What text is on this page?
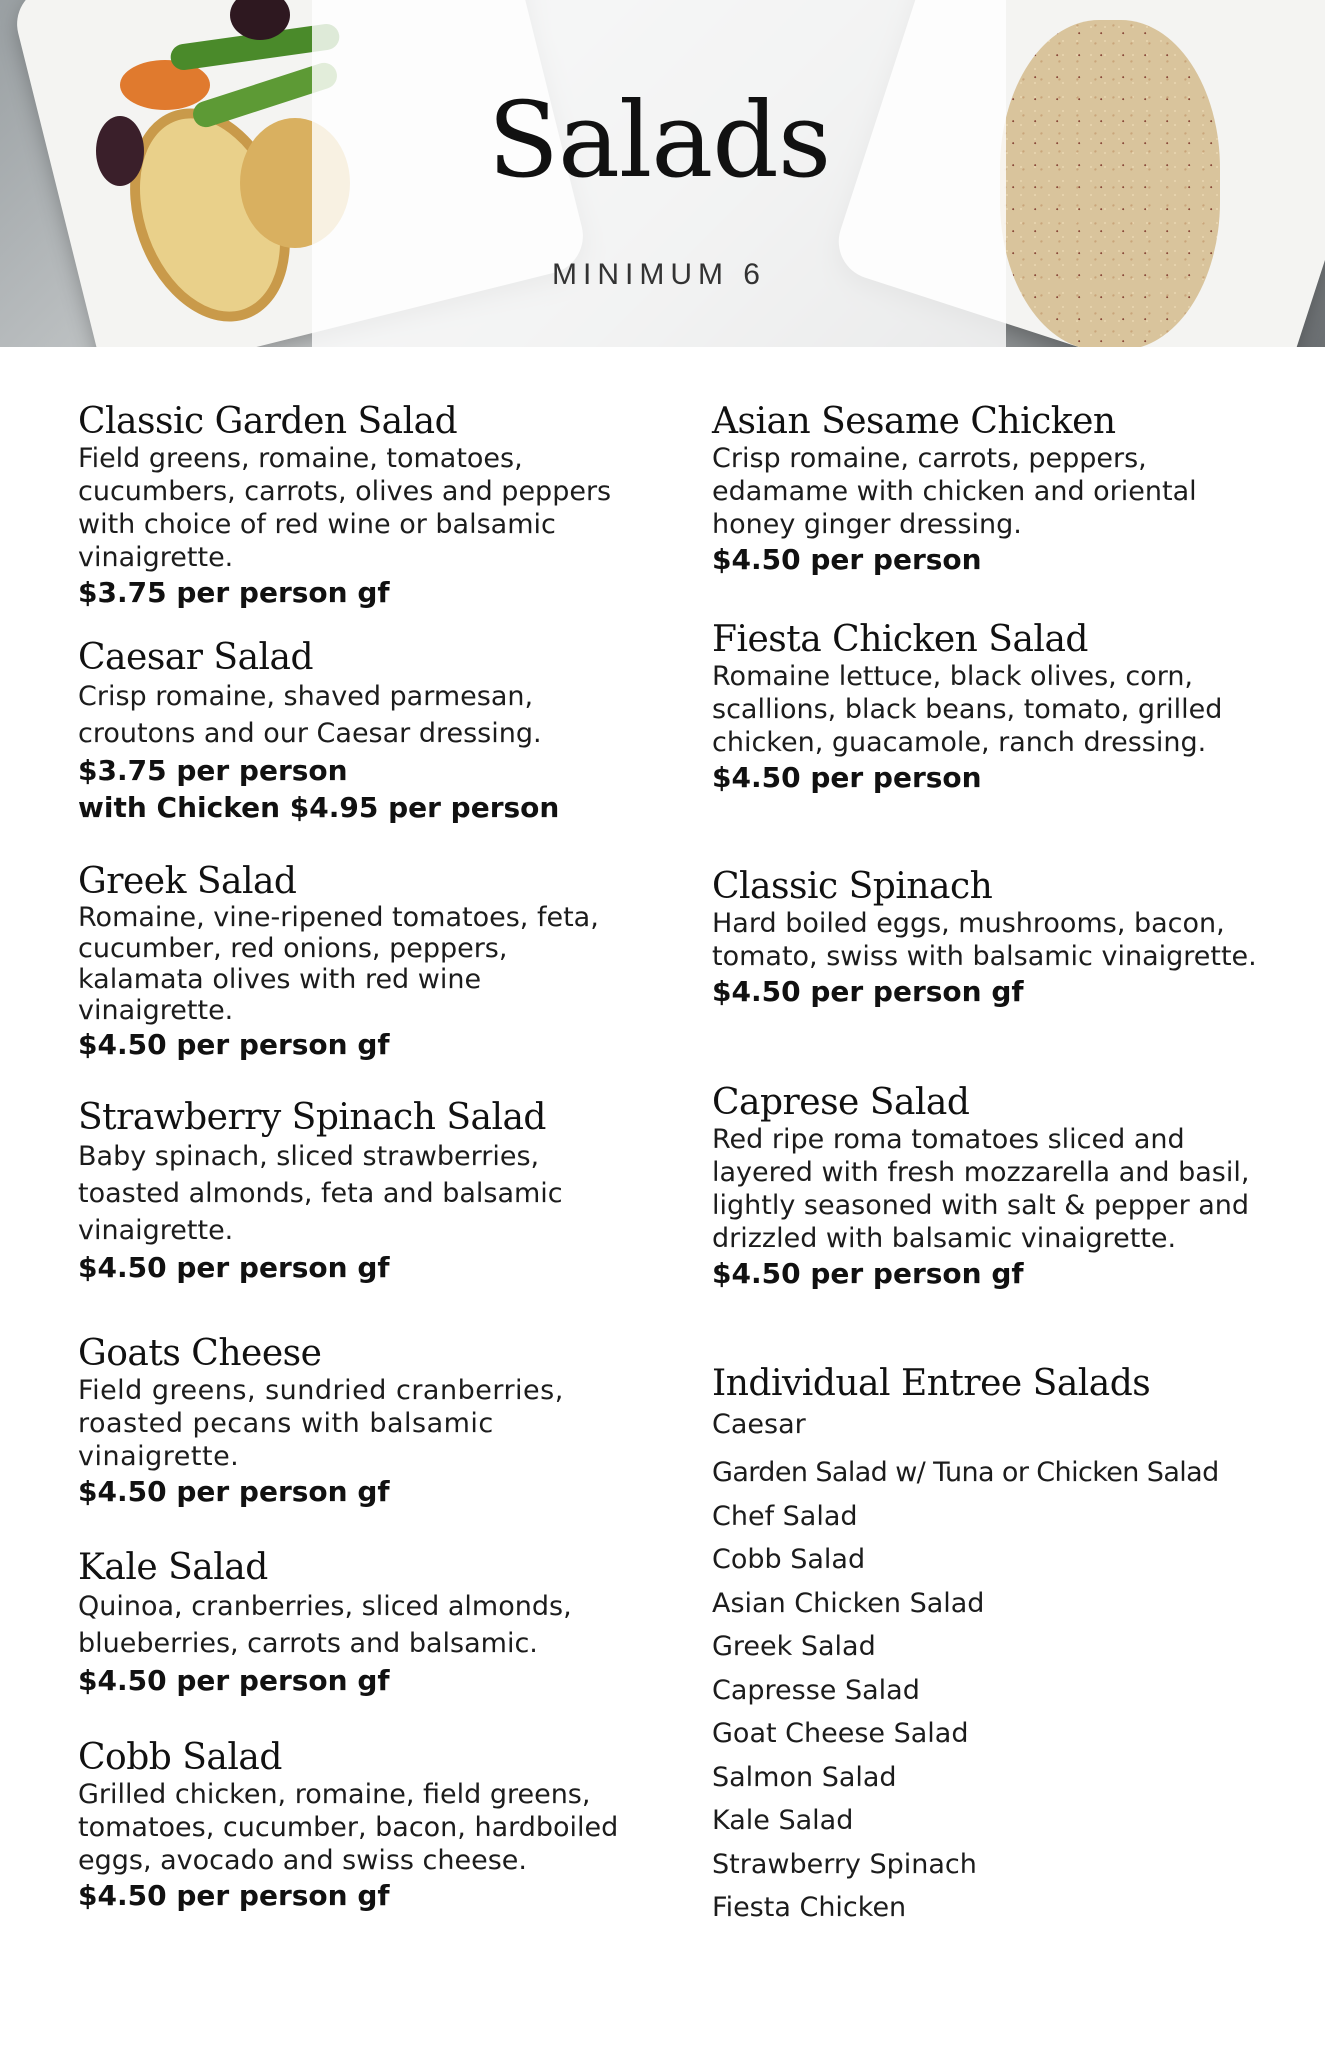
Salads
MINIMUM 6
Classic Garden Salad
Field greens, romaine, tomatoes, cucumbers, carrots, olives and peppers with choice of red wine or balsamic vinaigrette.
$3.75 per person gf
Caesar Salad
Crisp romaine, shaved parmesan, croutons and our Caesar dressing.
$3.75 per person
with Chicken $4.95 per person
Greek Salad
Romaine, vine-ripened tomatoes, feta, cucumber, red onions, peppers, kalamata olives with red wine vinaigrette.
$4.50 per person gf
Strawberry Spinach Salad
Baby spinach, sliced strawberries, toasted almonds, feta and balsamic vinaigrette.
$4.50 per person gf
Goats Cheese
Field greens, sundried cranberries, roasted pecans with balsamic vinaigrette.
$4.50 per person gf
Kale Salad
Quinoa, cranberries, sliced almonds, blueberries, carrots and balsamic.
$4.50 per person gf
Cobb Salad
Grilled chicken, romaine, field greens, tomatoes, cucumber, bacon, hardboiled eggs, avocado and swiss cheese.
$4.50 per person gf
Asian Sesame Chicken
Crisp romaine, carrots, peppers, edamame with chicken and oriental honey ginger dressing.
$4.50 per person
Fiesta Chicken Salad
Romaine lettuce, black olives, corn, scallions, black beans, tomato, grilled chicken, guacamole, ranch dressing.
$4.50 per person
Classic Spinach
Hard boiled eggs, mushrooms, bacon, tomato, swiss with balsamic vinaigrette.
$4.50 per person gf
Caprese Salad
Red ripe roma tomatoes sliced and layered with fresh mozzarella and basil, lightly seasoned with salt & pepper and drizzled with balsamic vinaigrette.
$4.50 per person gf
Individual Entree Salads
Caesar
Garden Salad w/ Tuna or Chicken Salad
Chef Salad
Cobb Salad
Asian Chicken Salad
Greek Salad
Capresse Salad
Goat Cheese Salad
Salmon Salad
Kale Salad
Strawberry Spinach
Fiesta Chicken
